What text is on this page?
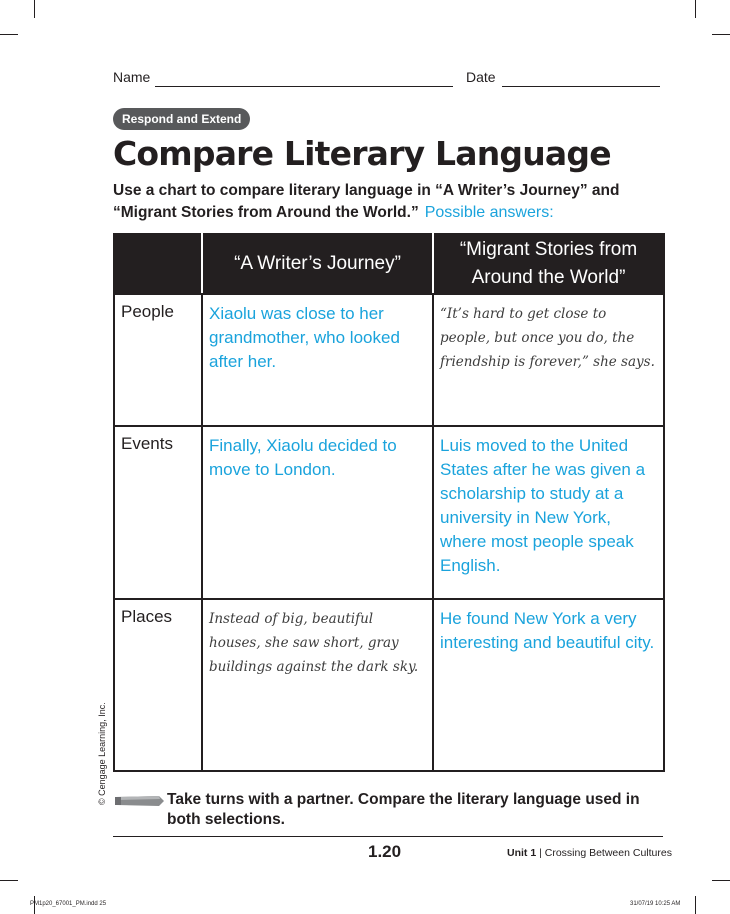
Name	Date
Respond and Extend
Compare Literary Language
Use a chart to compare literary language in “A Writer’s Journey” and “Migrant Stories from Around the World.” Possible answers:
	“A Writer’s Journey”	“Migrant Stories from
Around the World”
People	Xiaolu was close to her grandmother, who looked after her.	“It’s hard to get close to people, but once you do, the friendship is forever,” she says.

Events	Finally, Xiaolu decided to move to London.	Luis moved to the United States after he was given a scholarship to study at a university in New York, where most people speak English.

Places	Instead of big, beautiful houses, she saw short, gray buildings against the dark sky.	He found New York a very interesting and beautiful city.
© Cengage Learning, Inc.	Take turns with a partner. Compare the literary language used in both selections.
1.20	Unit 1 | Crossing Between Cultures
PM1p20_67001_PM.indd 25	31/07/19 10:25 AM
